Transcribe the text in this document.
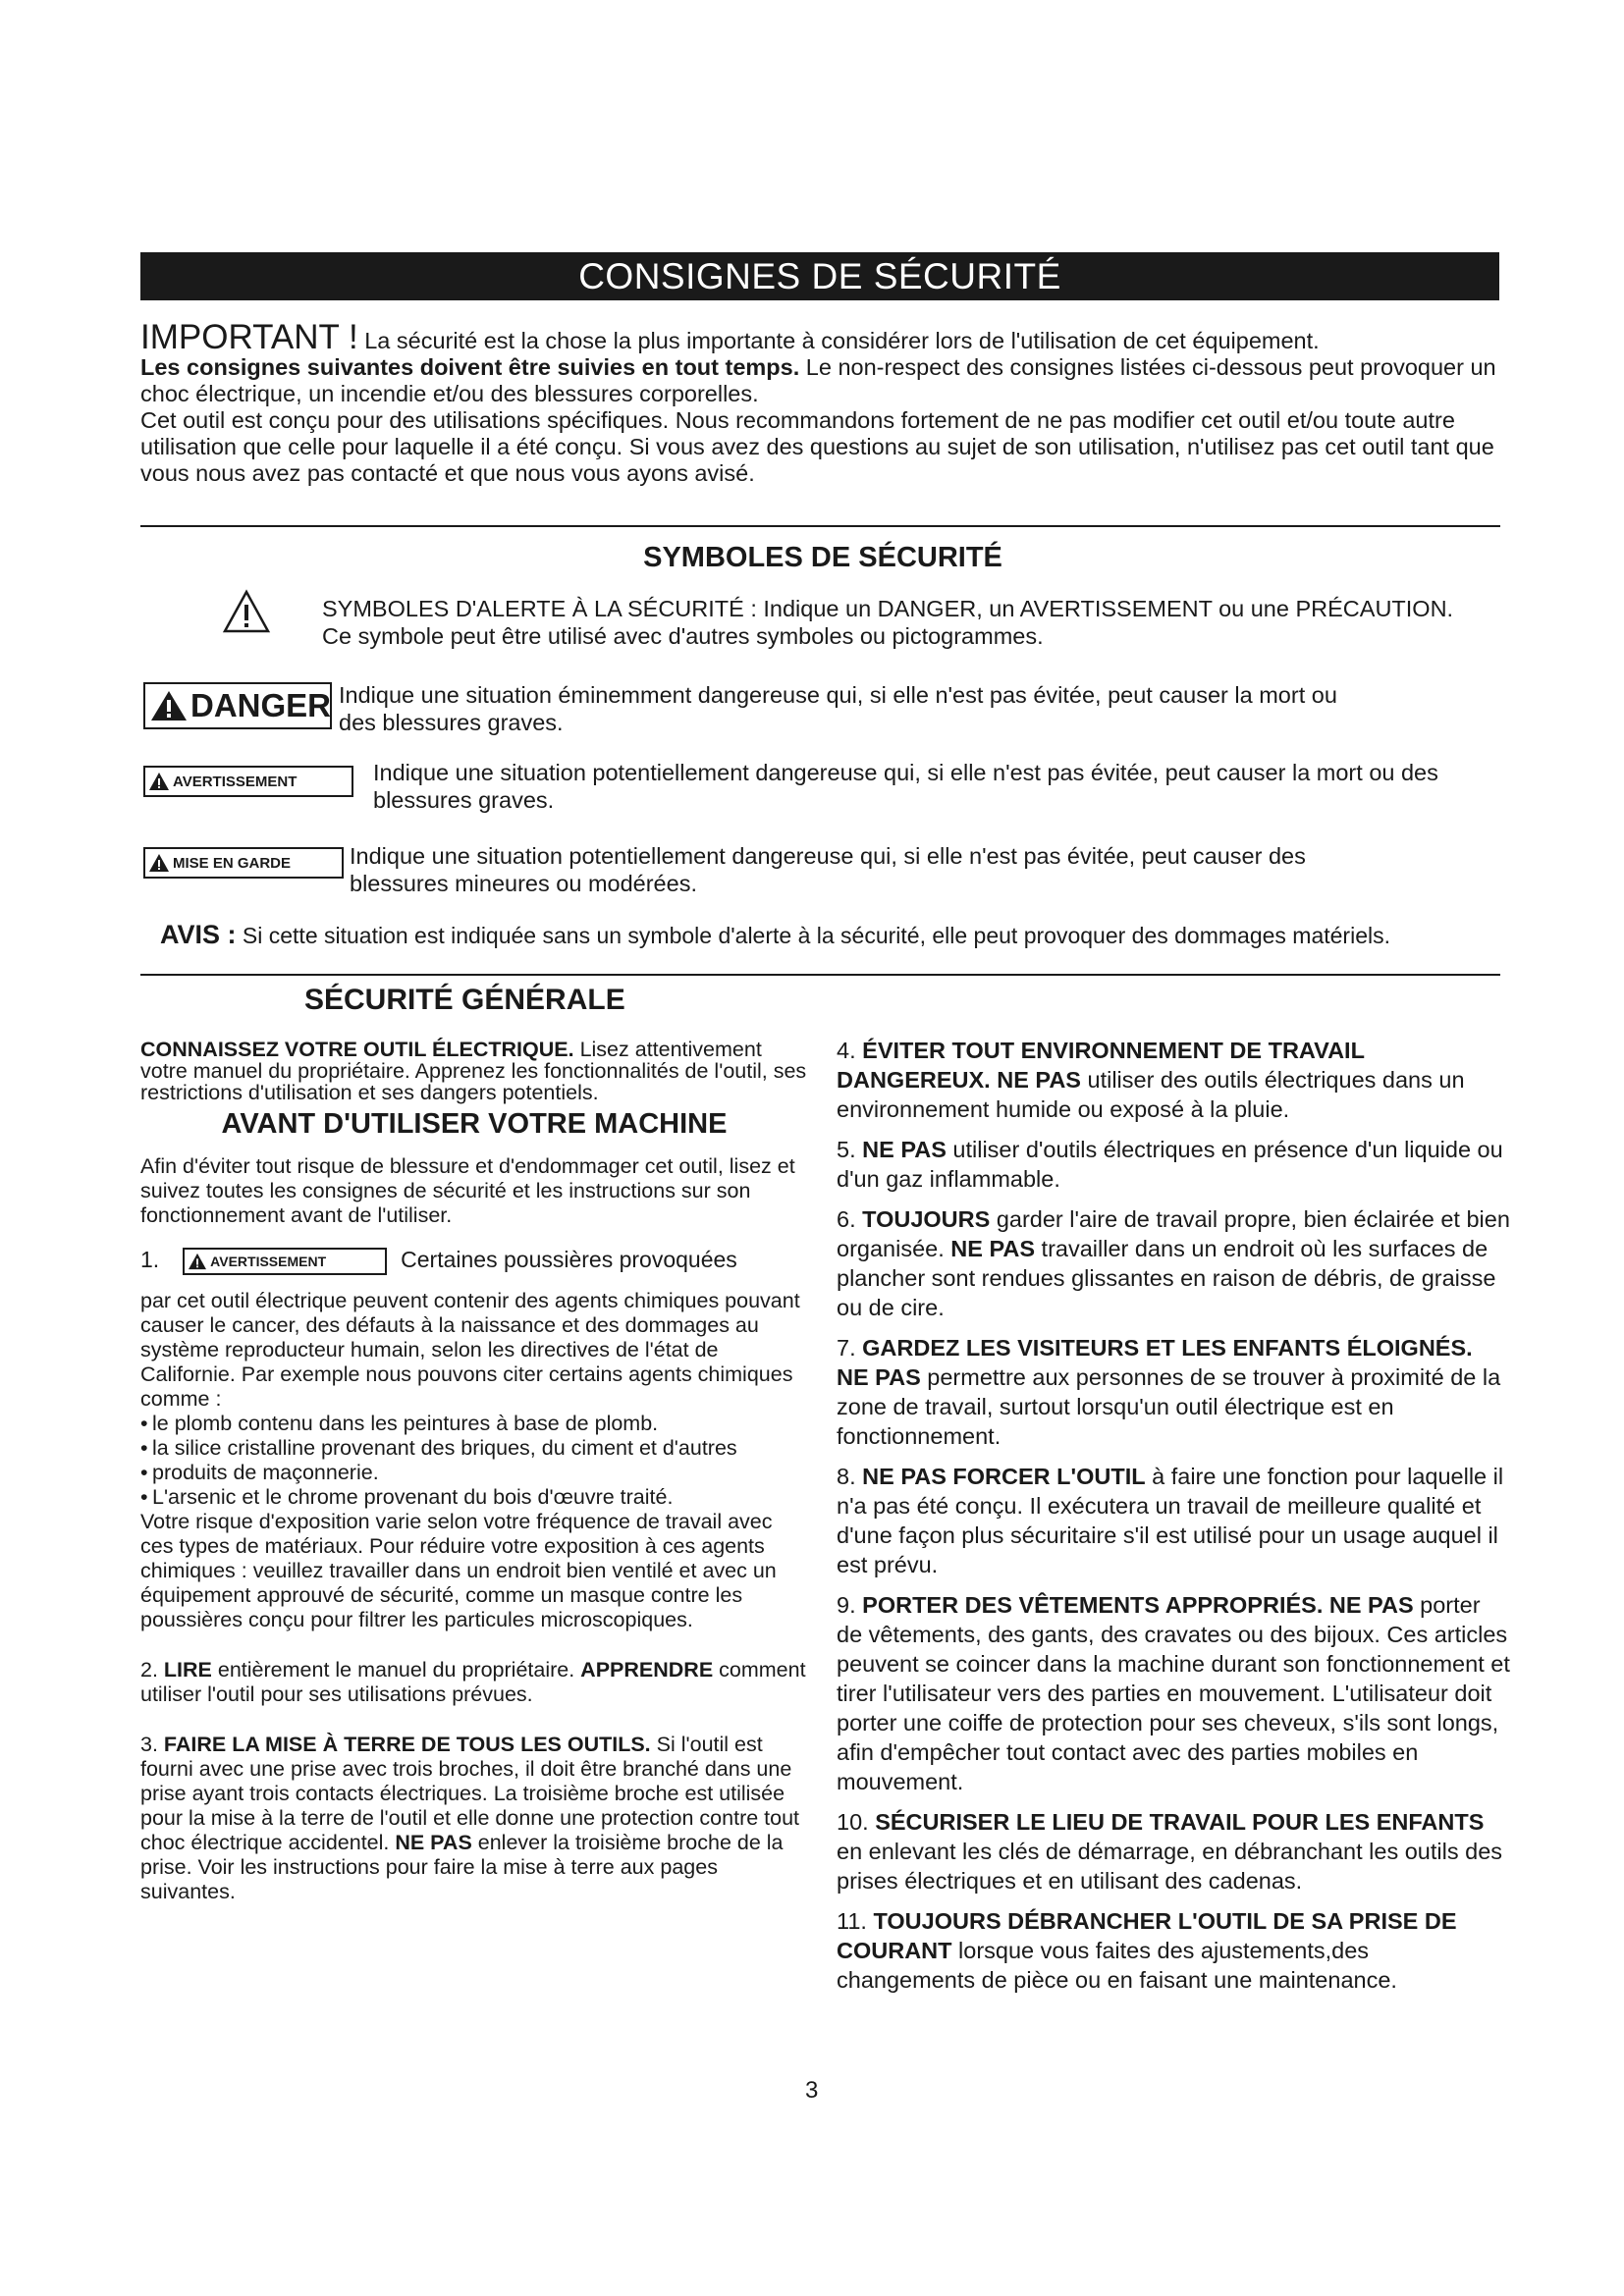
CONSIGNES DE SÉCURITÉ

IMPORTANT ! La sécurité est la chose la plus importante à considérer lors de l'utilisation de cet équipement.

Les consignes suivantes doivent être suivies en tout temps. Le non-respect des consignes listées ci-dessous peut provoquer un choc électrique, un incendie et/ou des blessures corporelles.

Cet outil est conçu pour des utilisations spécifiques. Nous recommandons fortement de ne pas modifier cet outil et/ou toute autre utilisation que celle pour laquelle il a été conçu. Si vous avez des questions au sujet de son utilisation, n'utilisez pas cet outil tant que vous nous avez pas contacté et que nous vous ayons avisé.

SYMBOLES DE SÉCURITÉ
SYMBOLES D'ALERTE À LA SÉCURITÉ : Indique un DANGER, un AVERTISSEMENT ou une PRÉCAUTION. Ce symbole peut être utilisé avec d'autres symboles ou pictogrammes.
DANGER Indique une situation éminemment dangereuse qui, si elle n'est pas évitée, peut causer la mort ou des blessures graves.
AVERTISSEMENT	Indique une situation potentiellement dangereuse qui, si elle n'est pas évitée, peut causer la mort ou des blessures graves.
MISE EN GARDE	Indique une situation potentiellement dangereuse qui, si elle n'est pas évitée, peut causer des blessures mineures ou modérées.
AVIS : Si cette situation est indiquée sans un symbole d'alerte à la sécurité, elle peut provoquer des dommages matériels.
SÉCURITÉ GÉNÉRALE

CONNAISSEZ VOTRE OUTIL ÉLECTRIQUE. Lisez attentivement votre manuel du propriétaire. Apprenez les fonctionnalités de l'outil, ses restrictions d'utilisation et ses dangers potentiels.

AVANT D'UTILISER VOTRE MACHINE

Afin d'éviter tout risque de blessure et d'endommager cet outil, lisez et suivez toutes les consignes de sécurité et les instructions sur son fonctionnement avant de l'utiliser.

1.	AVERTISSEMENT	Certaines poussières provoquées

par cet outil électrique peuvent contenir des agents chimiques pouvant causer le cancer, des défauts à la naissance et des dommages au système reproducteur humain, selon les directives de l'état de Californie. Par exemple nous pouvons citer certains agents chimiques comme :

• le plomb contenu dans les peintures à base de plomb.
• la silice cristalline provenant des briques, du ciment et d'autres
• produits de maçonnerie.
• L'arsenic et le chrome provenant du bois d'œuvre traité.

Votre risque d'exposition varie selon votre fréquence de travail avec ces types de matériaux. Pour réduire votre exposition à ces agents chimiques : veuillez travailler dans un endroit bien ventilé et avec un équipement approuvé de sécurité, comme un masque contre les poussières conçu pour filtrer les particules microscopiques.

2. LIRE entièrement le manuel du propriétaire. APPRENDRE comment utiliser l'outil pour ses utilisations prévues.

3. FAIRE LA MISE À TERRE DE TOUS LES OUTILS. Si l'outil est fourni avec une prise avec trois broches, il doit être branché dans une prise ayant trois contacts électriques. La troisième broche est utilisée pour la mise à la terre de l'outil et elle donne une protection contre tout choc électrique accidentel. NE PAS enlever la troisième broche de la prise. Voir les instructions pour faire la mise à terre aux pages suivantes.

4. ÉVITER TOUT ENVIRONNEMENT DE TRAVAIL DANGEREUX. NE PAS utiliser des outils électriques dans un environnement humide ou exposé à la pluie.

5. NE PAS utiliser d'outils électriques en présence d'un liquide ou d'un gaz inflammable.

6. TOUJOURS garder l'aire de travail propre, bien éclairée et bien organisée. NE PAS travailler dans un endroit où les surfaces de plancher sont rendues glissantes en raison de débris, de graisse ou de cire.

7. GARDEZ LES VISITEURS ET LES ENFANTS ÉLOIGNÉS. NE PAS permettre aux personnes de se trouver à proximité de la zone de travail, surtout lorsqu'un outil électrique est en fonctionnement.

8. NE PAS FORCER L'OUTIL à faire une fonction pour laquelle il n'a pas été conçu. Il exécutera un travail de meilleure qualité et d'une façon plus sécuritaire s'il est utilisé pour un usage auquel il est prévu.

9. PORTER DES VÊTEMENTS APPROPRIÉS. NE PAS porter de vêtements, des gants, des cravates ou des bijoux. Ces articles peuvent se coincer dans la machine durant son fonctionnement et tirer l'utilisateur vers des parties en mouvement. L'utilisateur doit porter une coiffe de protection pour ses cheveux, s'ils sont longs, afin d'empêcher tout contact avec des parties mobiles en mouvement.

10. SÉCURISER LE LIEU DE TRAVAIL POUR LES ENFANTS en enlevant les clés de démarrage, en débranchant les outils des prises électriques et en utilisant des cadenas.

11. TOUJOURS DÉBRANCHER L'OUTIL DE SA PRISE DE COURANT lorsque vous faites des ajustements,des changements de pièce ou en faisant une maintenance.

3
